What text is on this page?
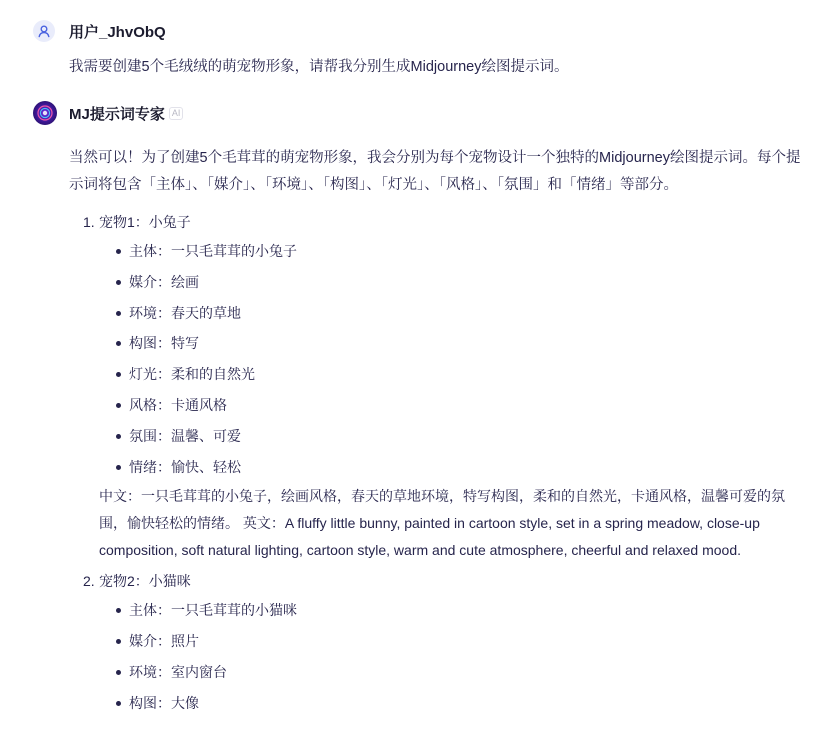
用户_JhvObQ
我需要创建5个毛绒绒的萌宠物形象，请帮我分别生成Midjourney绘图提示词。
MJ提示词专家 AI

当然可以！为了创建5个毛茸茸的萌宠物形象，我会分别为每个宠物设计一个独特的Midjourney绘图提示词。每个提示词将包含「主体」、「媒介」、「环境」、「构图」、「灯光」、「风格」、「氛围」和「情绪」等部分。

1. 宠物1：小兔子
主体：一只毛茸茸的小兔子
媒介：绘画
环境：春天的草地
构图：特写
灯光：柔和的自然光
风格：卡通风格
氛围：温馨、可爱
情绪：愉快、轻松
中文：一只毛茸茸的小兔子，绘画风格，春天的草地环境，特写构图，柔和的自然光，卡通风格，温馨可爱的氛围，愉快轻松的情绪。 英文：A fluffy little bunny, painted in cartoon style, set in a spring meadow, close-up composition, soft natural lighting, cartoon style, warm and cute atmosphere, cheerful and relaxed mood.
2. 宠物2：小猫咪
主体：一只毛茸茸的小猫咪
媒介：照片
环境：室内窗台
构图：大像
